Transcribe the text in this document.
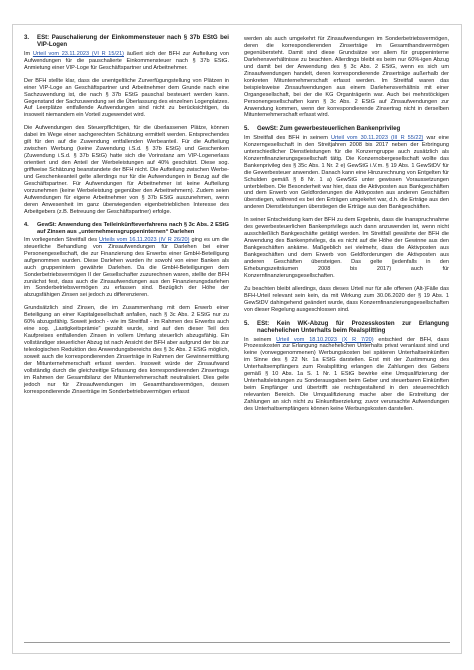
3.	ESt: Pauschalierung der Einkommensteuer nach § 37b EStG bei VIP-Logen

Im Urteil vom 23.11.2023 (VI R 15/21) äußert sich der BFH zur Aufteilung von Aufwendungen für die pauschalierte Einkommensteuer nach § 37b EStG. Anmietung einer VIP-Loge für Geschäftspartner und Arbeitnehmer.

Der BFH stellte klar, dass die unentgeltliche Zurverfügungstellung von Plätzen in einer VIP-Loge an Geschäftspartner und Arbeitnehmer dem Grunde nach eine Sachzuwendung ist, die nach § 37b EStG pauschal besteuert werden kann. Gegenstand der Sachzuwendung sei die Überlassung des einzelnen Logenplatzes. Auf Leerplätze entfallende Aufwendungen sind nicht zu berücksichtigen, da insoweit niemandem ein Vorteil zugewendet wird.

Die Aufwendungen des Steuerpflichtigen, für die überlassenen Plätze, können dabei im Wege einer sachgerechten Schätzung ermittelt werden. Entsprechendes gilt für den auf die Zuwendung entfallenden Werbeanteil. Für die Aufteilung zwischen Werbung (keine Zuwendung i.S.d. § 37b EStG) und Geschenken (Zuwendung i.S.d. § 37b EStG) hatte sich die Vorinstanz am VIP-Logenerlass orientiert und den Anteil der Werbeleistungen auf 40% geschätzt. Diese sog. griffweise Schätzung beanstandete der BFH nicht. Die Aufteilung zwischen Werbe- und Geschenkeanteil gelte allerdings nur für die Aufwendungen in Bezug auf die Geschäftspartner. Für Aufwendungen für Arbeitnehmer ist keine Aufteilung vorzunehmen (keine Werbeleistung gegenüber den Arbeitnehmern). Zudem seien Aufwendungen für eigene Arbeitnehmer von § 37b EStG auszunehmen, wenn deren Anwesenheit im ganz überwiegenden eigenbetrieblichen Interesse des Arbeitgebers (z.B. Betreuung der Geschäftspartner) erfolge.

4.	GewSt: Anwendung des Teileinkünfteverfahrens nach § 3c Abs. 2 EStG auf Zinsen aus „unternehmensgruppeninternen“ Darlehen

Im vorliegenden Streitfall des Urteils vom 16.11.2023 (IV R 26/20) ging es um die steuerliche Behandlung von Zinsaufwendungen für Darlehen bei einer Personengesellschaft, die zur Finanzierung des Erwerbs einer GmbH-Beteiligung aufgenommen wurden. Diese Darlehen wurden ihr sowohl von einer Banken als auch gruppenintern gewährte Darlehen. Da die GmbH-Beteiligungen dem Sonderbetriebsvermögen II der Gesellschafter zuzurechnen waren, stellte der BFH zunächst fest, dass auch die Zinsaufwendungen aus den Finanzierungsdarlehen im Sonderbetriebsvermögen zu erfassen sind. Bezüglich der Höhe der abzugsfähigen Zinsen sei jedoch zu differenzieren.

Grundsätzlich sind Zinsen, die im Zusammenhang mit dem Erwerb einer Beteiligung an einer Kapitalgesellschaft anfallen, nach § 3c Abs. 2 EStG nur zu 60% abzugsfähig. Soweit jedoch - wie im Streitfall - im Rahmen des Erwerbs auch eine sog. „Lastigkeitsprämie“ gezahlt wurde, sind auf den dieser Teil des Kaufpreises entfallenden Zinsen in vollem Umfang steuerlich abzugsfähig. Ein vollständiger steuerlicher Abzug ist nach Ansicht der BFH aber aufgrund der bis zur teleologischen Reduktion des Anwendungsbereichs des § 3c Abs. 2 EStG möglich, soweit auch die korrespondierenden Zinserträge in Rahmen der Gewinnermittlung der Mitunternehmerschaft erfasst werden. Insoweit würde der Zinsaufwand vollständig durch die gleichzeitige Erfassung des korrespondierenden Zinsertrags im Rahmen der Gesamtbilanz der Mitunternehmerschaft neutralisiert. Dies gelte jedoch nur für Zinsaufwendungen im Gesamthandsvermögen, dessen korrespondierende Zinserträge im Sonderbetriebsvermögen erfasst

werden als auch umgekehrt für Zinsaufwendungen im Sonderbetriebsvermögen, deren die korrespondierenden Zinserträge im Gesamthandsvermögen gegenübersteht. Damit sind diese Grundsätze vor allem für gruppeninterne Darlehensverhältnisse zu beachten. Allerdings bleibt es beim nur 60%-igen Abzug und damit bei der Anwendung des § 3c Abs. 2 EStG, wenn es sich um Zinsaufwendungen handelt, deren korrespondierende Zinserträge außerhalb der konkreten Mitunternehmerschaft erfasst werden. Im Streitfall waren das beispielsweise Zinsaufwendungen aus einem Darlehensverhältnis mit einer Organgesellschaft, bei der die KG Organträgerin war. Auch bei mehrstöckigen Personengesellschaften kann § 3c Abs. 2 EStG auf Zinsaufwendungen zur Anwendung kommen, wenn der korrespondierende Zinsertrag nicht in derselben Mitunternehmerschaft erfasst wird.

5.	GewSt: Zum gewerbesteuerlichen Bankenprivileg

Im Streitfall des BFH in seinem Urteil vom 30.11.2023 (III R 55/22) war eine Konzerngesellschaft in den Streitjahren 2008 bis 2017 neben der Erbringung unterschiedlicher Dienstleistungen für die Konzerngruppe auch zusätzlich als Konzernfinanzierungsgesellschaft tätig. Die Konzernobergesellschaft wollte das Bankenprivileg des § 35c Abs. 1 Nr. 2 e) GewStG i.V.m. § 19 Abs. 1 GewStDV für die Gewerbesteuer anwenden. Danach kann eine Hinzurechnung von Entgelten für Schulden gemäß § 8 Nr. 1 a) GewStG unter gewissen Voraussetzungen unterbleiben. Die Besonderheit war hier, dass die Aktivposten aus Bankgeschäften und dem Erwerb von Geldforderungen die Aktivposten aus anderen Geschäften überstiegen, während es bei den Erträgen umgekehrt war, d.h. die Erträge aus den anderen Dienstleistungen überstiegen die Erträge aus den Bankgeschäften.

In seiner Entscheidung kam der BFH zu dem Ergebnis, dass die Inanspruchnahme des gewerbesteuerlichen Bankenprivilegs auch dann anzuwenden ist, wenn nicht ausschließlich Bankgeschäfte getätigt werden. Im Streitfall gewährte der BFH die Anwendung des Bankenprivilegs, da es nicht auf die Höhe der Gewinne aus den Bankgeschäften ankäme. Maßgeblich sei vielmehr, dass die Aktivposten aus Bankgeschäften und dem Erwerb von Geldforderungen die Aktivposten aus anderen Geschäften übersteigen. Das gelte (jedenfalls in den Erhebungszeiträumen 2008 bis 2017) auch für Konzernfinanzierungsgesellschaften.

Zu beachten bleibt allerdings, dass dieses Urteil nur für alle offenen (Alt-)Fälle das BFH-Urteil relevant sein kein, da mit Wirkung zum 30.06.2020 der § 19 Abs. 1 GewStDV dahingehend geändert wurde, dass Konzernfinanzierungsgesellschaften von dieser Regelung ausgeschlossen sind.

5.	ESt: Kein WK-Abzug für Prozesskosten zur Erlangung nachehelichen Unterhalts beim Realsplitting

In seinem Urteil vom 18.10.2023 (X R 7/20) entschied der BFH, dass Prozesskosten zur Erlangung nachehelichen Unterhalts privat veranlasst sind und keine (vorweggenommenen) Werbungskosten bei späteren Unterhaltseinkünften im Sinne des § 22 Nr. 1a EStG darstellen. Erst mit der Zustimmung des Unterhaltsempfängers zum Realsplitting erlangen die Zahlungen des Gebers gemäß § 10 Abs. 1a S. 1 Nr. 1 EStG bewirke eine Umqualifizierung der Unterhaltsleistungen zu Sonderausgaben beim Geber und steuerbaren Einkünften beim Empfänger und übertrifft sie rechtsgestaltend in den steuerrechtlich relevanten Bereich. Die Umqualifizierung mache aber die Erstreitung der Zahlungen an sich nicht zu Einkunftserzielung; zuvor verursachte Aufwendungen des Unterhaltsempfängers können keine Werbungskosten darstellen.
